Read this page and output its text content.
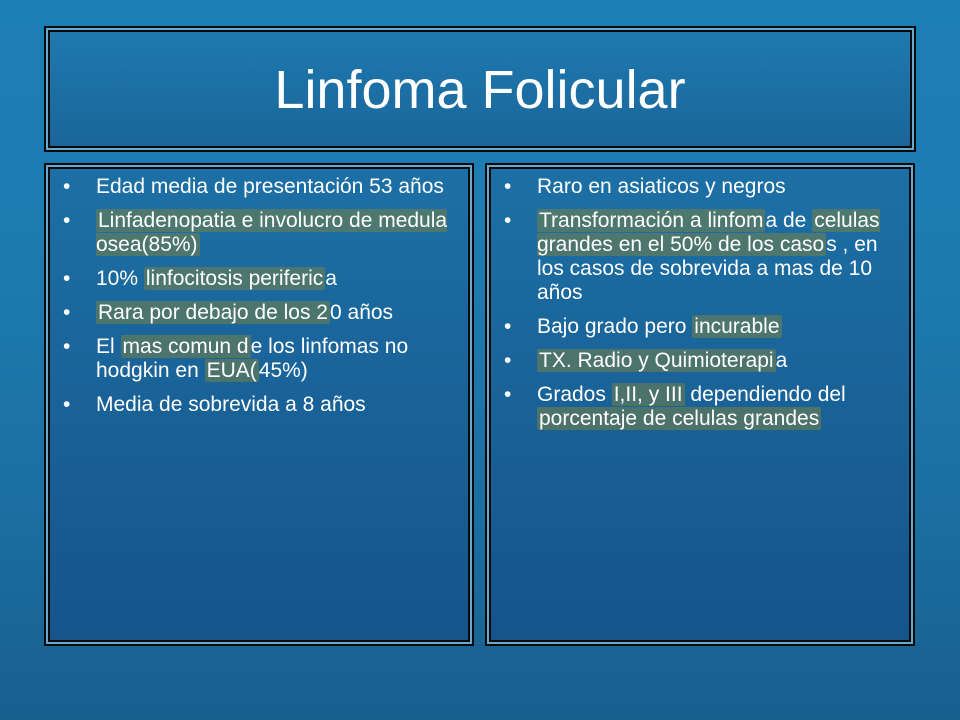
Linfoma Folicular
• Edad media de presentación 53 años
• Linfadenopatia e involucro de medula osea(85%)
• 10% linfocitosis periferica
• Rara por debajo de los 20 años
• El mas comun de los linfomas no hodgkin en EUA(45%)
• Media de sobrevida a 8 años
• Raro en asiaticos y negros
• Transformación a linfoma de celulas grandes en el 50% de los casos , en los casos de sobrevida a mas de 10 años
• Bajo grado pero incurable
• TX. Radio y Quimioterapia
• Grados I,II, y III dependiendo del porcentaje de celulas grandes
